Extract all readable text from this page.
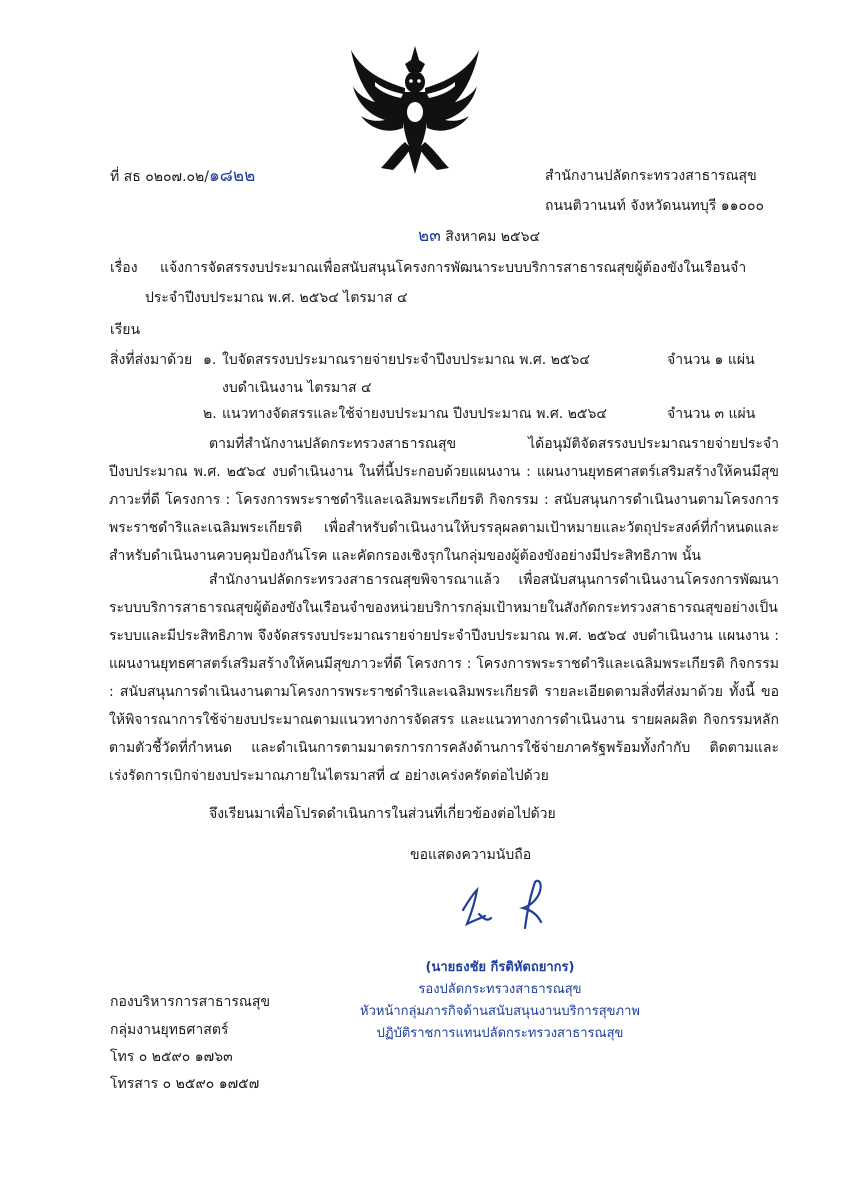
ที่ สธ ๐๒๐๗.๐๒/๑๘๒๒	สำนักงานปลัดกระทรวงสาธารณสุข
ถนนติวานนท์ จังหวัดนนทบุรี ๑๑๐๐๐
๒๓ สิงหาคม ๒๕๖๔
เรื่อง แจ้งการจัดสรรงบประมาณเพื่อสนับสนุนโครงการพัฒนาระบบบริการสาธารณสุขผู้ต้องขังในเรือนจำ
ประจำปีงบประมาณ พ.ศ. ๒๕๖๔ ไตรมาส ๔
เรียน
สิ่งที่ส่งมาด้วย ๑. ใบจัดสรรงบประมาณรายจ่ายประจำปีงบประมาณ พ.ศ. ๒๕๖๔	จำนวน ๑ แผ่น
งบดำเนินงาน ไตรมาส ๔
๒. แนวทางจัดสรรและใช้จ่ายงบประมาณ ปีงบประมาณ พ.ศ. ๒๕๖๔	จำนวน ๓ แผ่น
ตามที่สำนักงานปลัดกระทรวงสาธารณสุข ได้อนุมัติจัดสรรงบประมาณรายจ่ายประจำปีงบประมาณ พ.ศ. ๒๕๖๔ งบดำเนินงาน ในที่นี้ประกอบด้วยแผนงาน : แผนงานยุทธศาสตร์เสริมสร้างให้คนมีสุขภาวะที่ดี โครงการ : โครงการพระราชดำริและเฉลิมพระเกียรติ กิจกรรม : สนับสนุนการดำเนินงานตามโครงการพระราชดำริและเฉลิมพระเกียรติ เพื่อสำหรับดำเนินงานให้บรรลุผลตามเป้าหมายและวัตถุประสงค์ที่กำหนดและสำหรับดำเนินงานควบคุมป้องกันโรค และคัดกรองเชิงรุกในกลุ่มของผู้ต้องขังอย่างมีประสิทธิภาพ นั้น
สำนักงานปลัดกระทรวงสาธารณสุขพิจารณาแล้ว เพื่อสนับสนุนการดำเนินงานโครงการพัฒนาระบบบริการสาธารณสุขผู้ต้องขังในเรือนจำของหน่วยบริการกลุ่มเป้าหมายในสังกัดกระทรวงสาธารณสุขอย่างเป็นระบบและมีประสิทธิภาพ จึงจัดสรรงบประมาณรายจ่ายประจำปีงบประมาณ พ.ศ. ๒๕๖๔ งบดำเนินงาน แผนงาน : แผนงานยุทธศาสตร์เสริมสร้างให้คนมีสุขภาวะที่ดี โครงการ : โครงการพระราชดำริและเฉลิมพระเกียรติ กิจกรรม : สนับสนุนการดำเนินงานตามโครงการพระราชดำริและเฉลิมพระเกียรติ รายละเอียดตามสิ่งที่ส่งมาด้วย ทั้งนี้ ขอให้พิจารณาการใช้จ่ายงบประมาณตามแนวทางการจัดสรร และแนวทางการดำเนินงาน รายผลผลิต กิจกรรมหลัก ตามตัวชี้วัดที่กำหนด และดำเนินการตามมาตรการการคลังด้านการใช้จ่ายภาครัฐพร้อมทั้งกำกับ ติดตามและเร่งรัดการเบิกจ่ายงบประมาณภายในไตรมาสที่ ๔ อย่างเคร่งครัดต่อไปด้วย
จึงเรียนมาเพื่อโปรดดำเนินการในส่วนที่เกี่ยวข้องต่อไปด้วย
ขอแสดงความนับถือ
(นายธงชัย กีรติหัตถยากร)
รองปลัดกระทรวงสาธารณสุข
หัวหน้ากลุ่มภารกิจด้านสนับสนุนงานบริการสุขภาพ
ปฏิบัติราชการแทนปลัดกระทรวงสาธารณสุข
กองบริหารการสาธารณสุข
กลุ่มงานยุทธศาสตร์
โทร ๐ ๒๕๙๐ ๑๗๖๓
โทรสาร ๐ ๒๕๙๐ ๑๗๕๗
